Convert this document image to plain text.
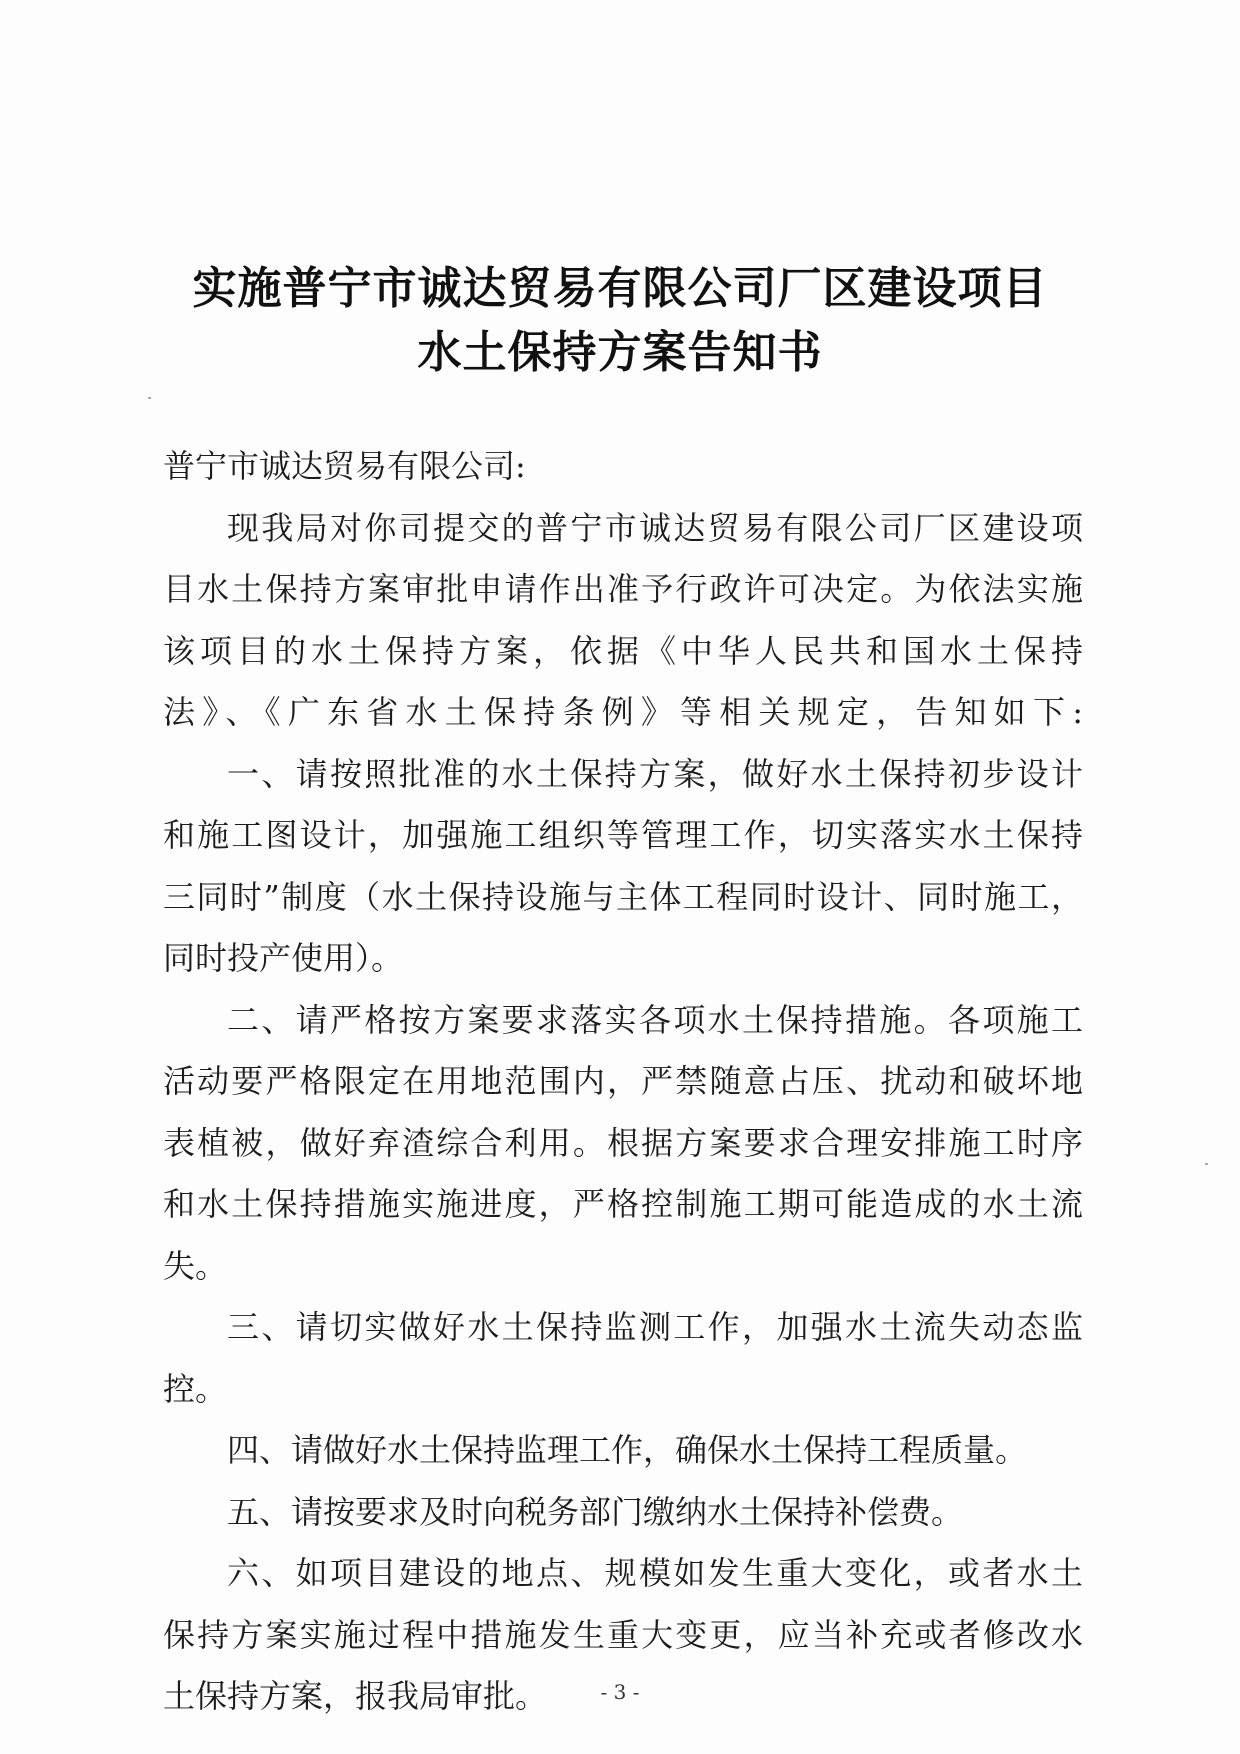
实施普宁市诚达贸易有限公司厂区建设项目
水土保持方案告知书
普宁市诚达贸易有限公司:
现我局对你司提交的普宁市诚达贸易有限公司厂区建设项
目水土保持方案审批申请作出准予行政许可决定。为依法实施
该项目的水土保持方案，依据《中华人民共和国水土保持
法》、《广东省水土保持条例》等相关规定，告知如下:
一、请按照批准的水土保持方案，做好水土保持初步设计
和施工图设计，加强施工组织等管理工作，切实落实水土保持
三同时”制度（水土保持设施与主体工程同时设计、同时施工，
同时投产使用）。
二、请严格按方案要求落实各项水土保持措施。各项施工
活动要严格限定在用地范围内，严禁随意占压、扰动和破坏地
表植被，做好弃渣综合利用。根据方案要求合理安排施工时序
和水土保持措施实施进度，严格控制施工期可能造成的水土流
失。
三、请切实做好水土保持监测工作，加强水土流失动态监
控。
四、请做好水土保持监理工作，确保水土保持工程质量。
五、请按要求及时向税务部门缴纳水土保持补偿费。
六、如项目建设的地点、规模如发生重大变化，或者水土
保持方案实施过程中措施发生重大变更，应当补充或者修改水
土保持方案，报我局审批。	- 3 -
